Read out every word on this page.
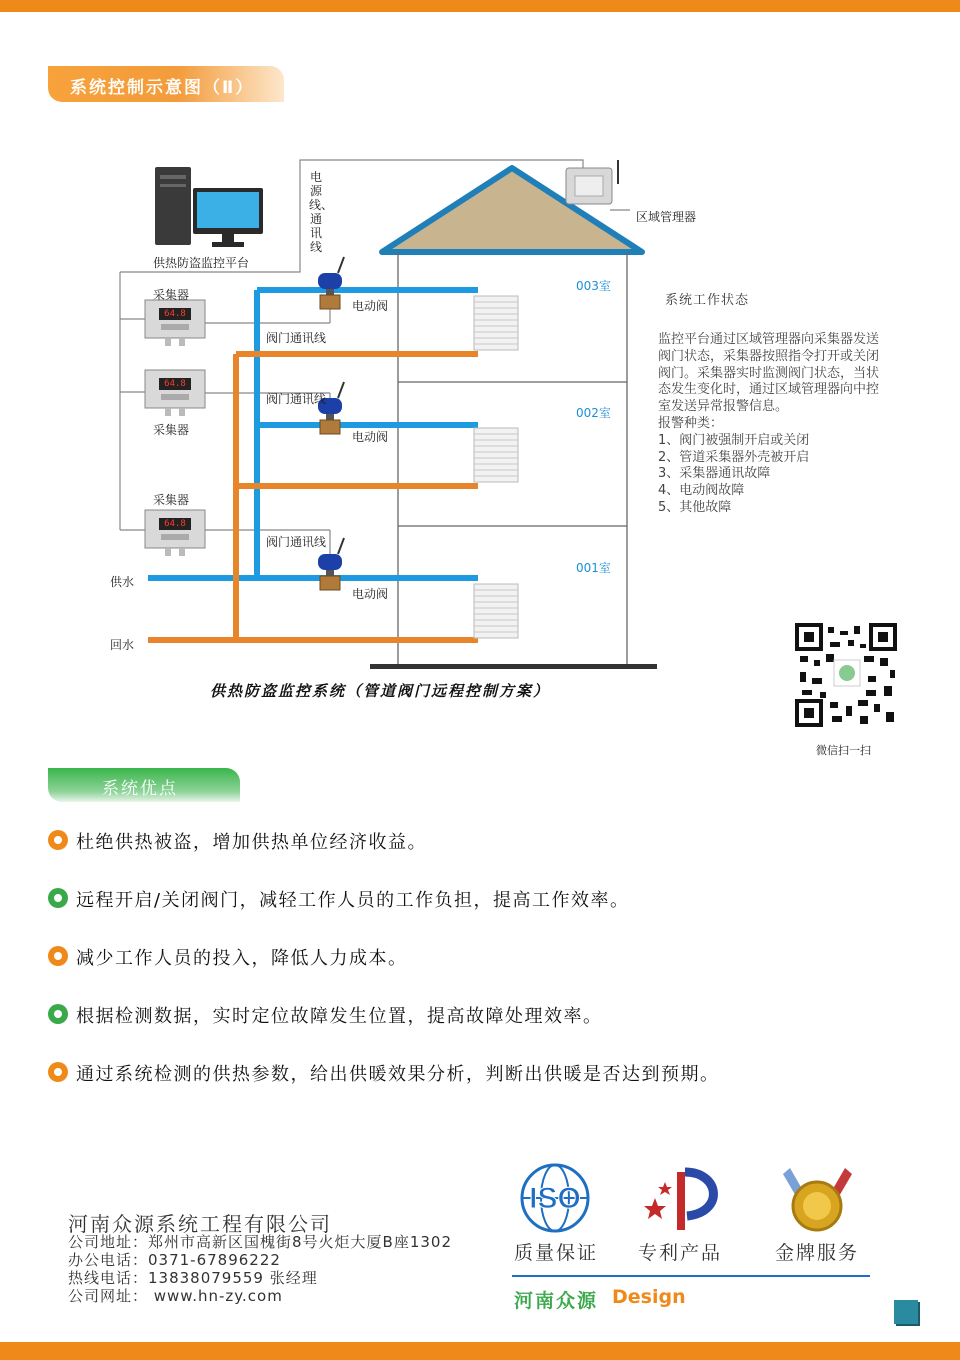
系统控制示意图（Ⅱ）
供热防盗监控平台
电源线、通讯线
区域管理器
采集器
采集器
采集器
64.8
64.8
64.8
电动阀
电动阀
电动阀
阀门通讯线
阀门通讯线
阀门通讯线
003室
002室
001室
供水
回水
供热防盗监控系统（管道阀门远程控制方案）
系统工作状态
监控平台通过区域管理器向采集器发送
阀门状态，采集器按照指令打开或关闭
阀门。采集器实时监测阀门状态，当状
态发生变化时，通过区域管理器向中控
室发送异常报警信息。
报警种类：
1、阀门被强制开启或关闭
2、管道采集器外壳被开启
3、采集器通讯故障
4、电动阀故障
5、其他故障
微信扫一扫
系统优点
杜绝供热被盗，增加供热单位经济收益。
远程开启/关闭阀门，减轻工作人员的工作负担，提高工作效率。
减少工作人员的投入，降低人力成本。
根据检测数据，实时定位故障发生位置，提高故障处理效率。
通过系统检测的供热参数，给出供暖效果分析，判断出供暖是否达到预期。
河南众源系统工程有限公司
公司地址：郑州市高新区国槐街8号火炬大厦B座1302
办公电话：0371-67896222
热线电话：13838079559 张经理
公司网址： www.hn-zy.com
ISO
质量保证 专利产品	金牌服务
河南众源 Design
